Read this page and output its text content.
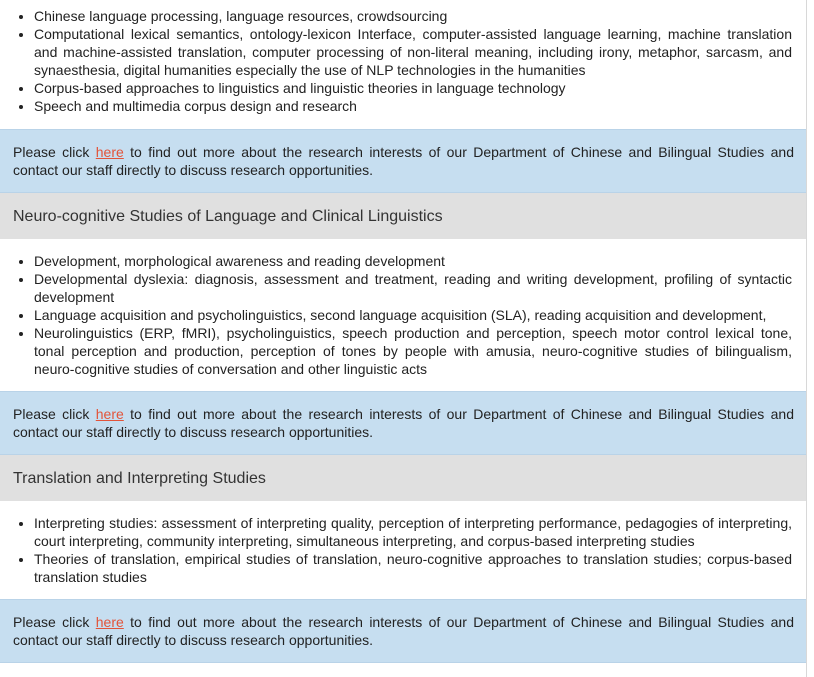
• Chinese language processing, language resources, crowdsourcing
• Computational lexical semantics, ontology-lexicon Interface, computer-assisted language learning, machine translation and machine-assisted translation, computer processing of non-literal meaning, including irony, metaphor, sarcasm, and synaesthesia, digital humanities especially the use of NLP technologies in the humanities
• Corpus-based approaches to linguistics and linguistic theories in language technology
• Speech and multimedia corpus design and research
Please click here to find out more about the research interests of our Department of Chinese and Bilingual Studies and contact our staff directly to discuss research opportunities.
Neuro-cognitive Studies of Language and Clinical Linguistics
• Development, morphological awareness and reading development
• Developmental dyslexia: diagnosis, assessment and treatment, reading and writing development, profiling of syntactic development
• Language acquisition and psycholinguistics, second language acquisition (SLA), reading acquisition and development,
• Neurolinguistics (ERP, fMRI), psycholinguistics, speech production and perception, speech motor control lexical tone, tonal perception and production, perception of tones by people with amusia, neuro-cognitive studies of bilingualism, neuro-cognitive studies of conversation and other linguistic acts
Please click here to find out more about the research interests of our Department of Chinese and Bilingual Studies and contact our staff directly to discuss research opportunities.
Translation and Interpreting Studies
• Interpreting studies: assessment of interpreting quality, perception of interpreting performance, pedagogies of interpreting, court interpreting, community interpreting, simultaneous interpreting, and corpus-based interpreting studies
• Theories of translation, empirical studies of translation, neuro-cognitive approaches to translation studies; corpus-based translation studies
Please click here to find out more about the research interests of our Department of Chinese and Bilingual Studies and contact our staff directly to discuss research opportunities.
